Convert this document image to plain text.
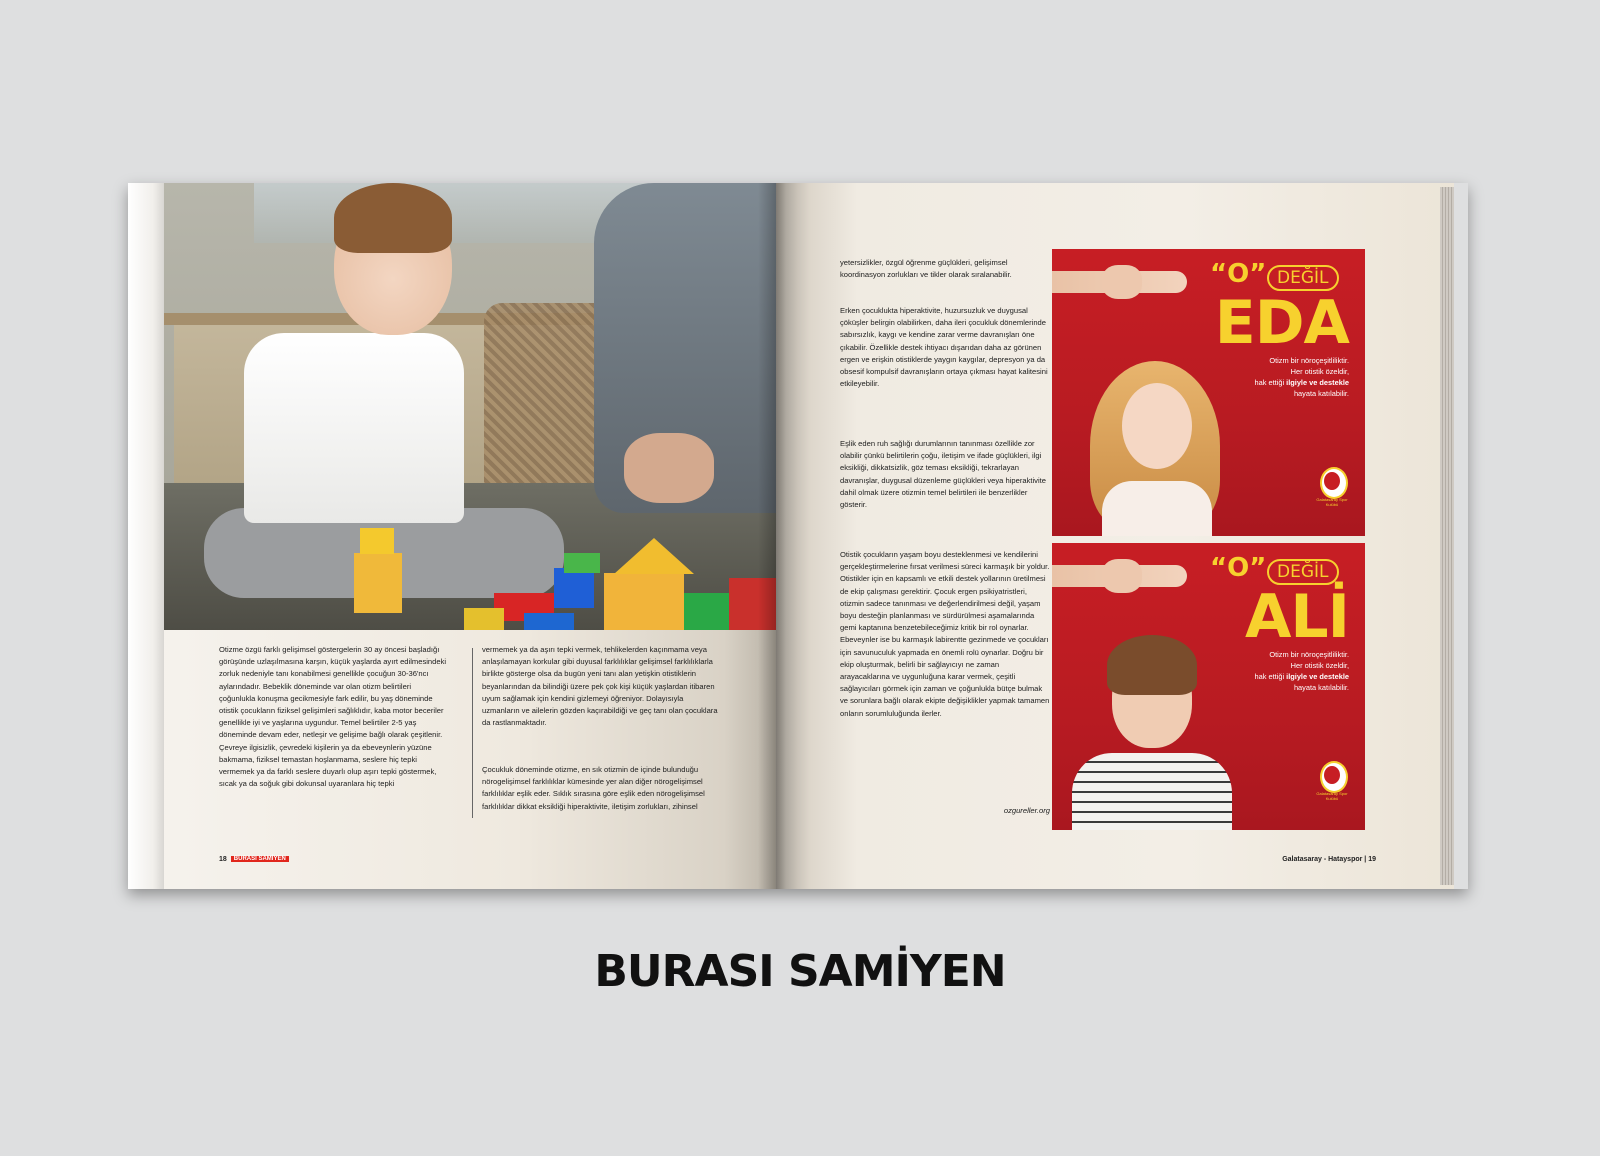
Otizme özgü farklı gelişimsel göstergelerin 30 ay öncesi başladığı görüşünde uzlaşılmasına karşın, küçük yaşlarda ayırt edilmesindeki zorluk nedeniyle tanı konabilmesi genellikle çocuğun 30-36'ncı aylarındadır. Bebeklik döneminde var olan otizm belirtileri çoğunlukla konuşma gecikmesiyle fark edilir, bu yaş döneminde otistik çocukların fiziksel gelişimleri sağlıklıdır, kaba motor beceriler genellikle iyi ve yaşlarına uygundur. Temel belirtiler 2-5 yaş döneminde devam eder, netleşir ve gelişime bağlı olarak çeşitlenir. Çevreye ilgisizlik, çevredeki kişilerin ya da ebeveynlerin yüzüne bakmama, fiziksel temastan hoşlanmama, seslere hiç tepki vermemek ya da farklı seslere duyarlı olup aşırı tepki göstermek, sıcak ya da soğuk gibi dokunsal uyaranlara hiç tepki
vermemek ya da aşırı tepki vermek, tehlikelerden kaçınmama veya anlaşılamayan korkular gibi duyusal farklılıklar gelişimsel farklılıklarla birlikte gösterge olsa da bugün yeni tanı alan yetişkin otistiklerin beyanlarından da bilindiği üzere pek çok kişi küçük yaşlardan itibaren uyum sağlamak için kendini gizlemeyi öğreniyor. Dolayısıyla uzmanların ve ailelerin gözden kaçırabildiği ve geç tanı olan çocuklara da rastlanmaktadır.
Çocukluk döneminde otizme, en sık otizmin de içinde bulunduğu nörogelişimsel farklılıklar kümesinde yer alan diğer nörogelişimsel farklılıklar eşlik eder. Sıklık sırasına göre eşlik eden nörogelişimsel farklılıklar dikkat eksikliği hiperaktivite, iletişim zorlukları, zihinsel
18 BURASI SAMİYEN
yetersizlikler, özgül öğrenme güçlükleri, gelişimsel koordinasyon zorlukları ve tikler olarak sıralanabilir.
Erken çocuklukta hiperaktivite, huzursuzluk ve duygusal çöküşler belirgin olabilirken, daha ileri çocukluk dönemlerinde sabırsızlık, kaygı ve kendine zarar verme davranışları öne çıkabilir. Özellikle destek ihtiyacı dışarıdan daha az görünen ergen ve erişkin otistiklerde yaygın kaygılar, depresyon ya da obsesif kompulsif davranışların ortaya çıkması hayat kalitesini etkileyebilir.
Eşlik eden ruh sağlığı durumlarının tanınması özellikle zor olabilir çünkü belirtilerin çoğu, iletişim ve ifade güçlükleri, ilgi eksikliği, dikkatsizlik, göz teması eksikliği, tekrarlayan davranışlar, duygusal düzenleme güçlükleri veya hiperaktivite dahil olmak üzere otizmin temel belirtileri ile benzerlikler gösterir.
Otistik çocukların yaşam boyu desteklenmesi ve kendilerini gerçekleştirmelerine fırsat verilmesi süreci karmaşık bir yoldur. Otistikler için en kapsamlı ve etkili destek yollarının üretilmesi de ekip çalışması gerektirir. Çocuk ergen psikiyatristleri, otizmin sadece tanınması ve değerlendirilmesi değil, yaşam boyu desteğin planlanması ve sürdürülmesi aşamalarında gemi kaptanına benzetebileceğimiz kritik bir rol oynarlar. Ebeveynler ise bu karmaşık labirentte gezinmede ve çocukları için savunuculuk yapmada en önemli rolü oynarlar. Doğru bir ekip oluşturmak, belirli bir sağlayıcıyı ne zaman arayacaklarına ve uygunluğuna karar vermek, çeşitli sağlayıcıları görmek için zaman ve çoğunlukla bütçe bulmak ve sorunlara bağlı olarak ekipte değişiklikler yapmak tamamen onların sorumluluğunda ilerler.
ozgureller.org
“O” DEĞİL
EDA
Otizm bir nöroçeşitliliktir.
Her otistik özeldir,
hak ettiği ilgiyle ve destekle
hayata katılabilir.
Galatasaray Spor Kulübü
“O” DEĞİL
ALİ
Otizm bir nöroçeşitliliktir.
Her otistik özeldir,
hak ettiği ilgiyle ve destekle
hayata katılabilir.
Galatasaray Spor Kulübü
Galatasaray - Hatayspor | 19
BURASI SAMİYEN
